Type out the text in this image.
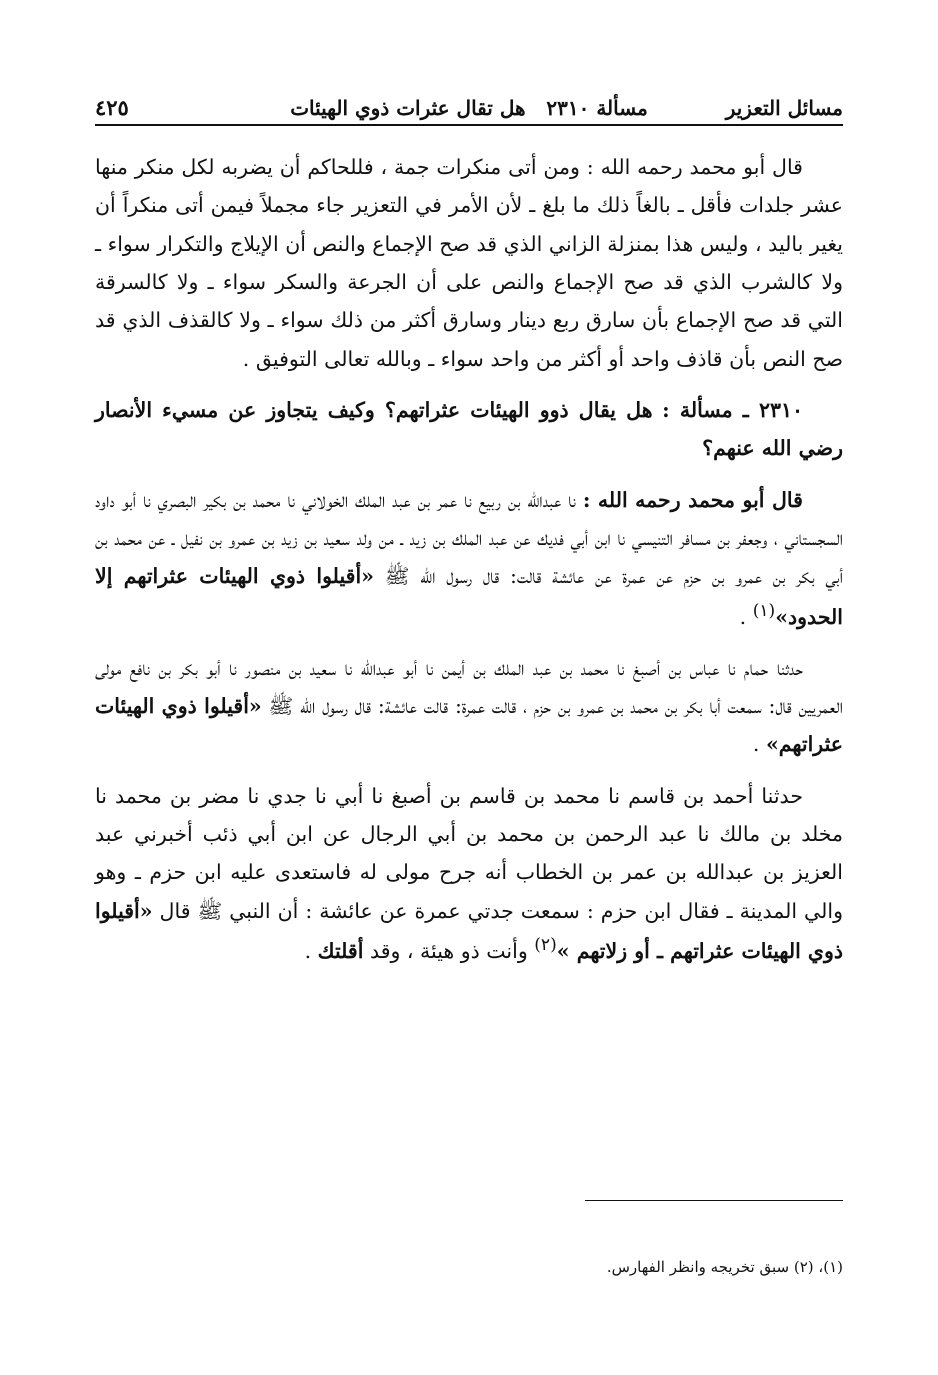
مسائل التعزير
مسألة ٢٣١٠   هل تقال عثرات ذوي الهيئات
٤٢٥

قال أبو محمد رحمه الله : ومن أتى منكرات جمة ، فللحاكم أن يضربه لكل منكر منها عشر جلدات فأقل ـ بالغاً ذلك ما بلغ ـ لأن الأمر في التعزير جاء مجملاً فيمن أتى منكراً أن يغير باليد ، وليس هذا بمنزلة الزاني الذي قد صح الإجماع والنص أن الإيلاج والتكرار سواء ـ ولا كالشرب الذي قد صح الإجماع والنص على أن الجرعة والسكر سواء ـ ولا كالسرقة التي قد صح الإجماع بأن سارق ربع دينار وسارق أكثر من ذلك سواء ـ ولا كالقذف الذي قد صح النص بأن قاذف واحد أو أكثر من واحد سواء ـ وبالله تعالى التوفيق .

٢٣١٠ ـ مسألة : هل يقال ذوو الهيئات عثراتهم؟ وكيف يتجاوز عن مسيء الأنصار رضي الله عنهم؟

قال أبو محمد رحمه الله : نا عبدالله بن ربيع نا عمر بن عبد الملك الخولاني نا محمد بن بكير البصري نا أبو داود السجستاني ، وجعفر بن مسافر التنيسي نا ابن أبي فديك عن عبد الملك بن زيد ـ من ولد سعيد بن زيد بن عمرو بن نفيل ـ عن محمد بن أبي بكر بن عمرو بن حزم عن عمرة عن عائشة قالت: قال رسول الله ﷺ «أقيلوا ذوي الهيئات عثراتهم إلا الحدود»$^{(١)}$ .

حدثنا حمام نا عباس بن أصبغ نا محمد بن عبد الملك بن أيمن نا أبو عبدالله نا سعيد بن منصور نا أبو بكر بن نافع مولى العمريين قال: سمعت أبا بكر بن محمد بن عمرو بن حزم ، قالت عمرة: قالت عائشة: قال رسول الله ﷺ «أقيلوا ذوي الهيئات عثراتهم» .

حدثنا أحمد بن قاسم نا محمد بن قاسم بن أصبغ نا أبي نا جدي نا مضر بن محمد نا مخلد بن مالك نا عبد الرحمن بن محمد بن أبي الرجال عن ابن أبي ذئب أخبرني عبد العزيز بن عبدالله بن عمر بن الخطاب أنه جرح مولى له فاستعدى عليه ابن حزم ـ وهو والي المدينة ـ فقال ابن حزم : سمعت جدتي عمرة عن عائشة : أن النبي ﷺ قال «أقيلوا ذوي الهيئات عثراتهم ـ أو زلاتهم »$^{(٢)}$ وأنت ذو هيئة ، وقد أقلتك .

(١)، (٢) سبق تخريجه وانظر الفهارس.
